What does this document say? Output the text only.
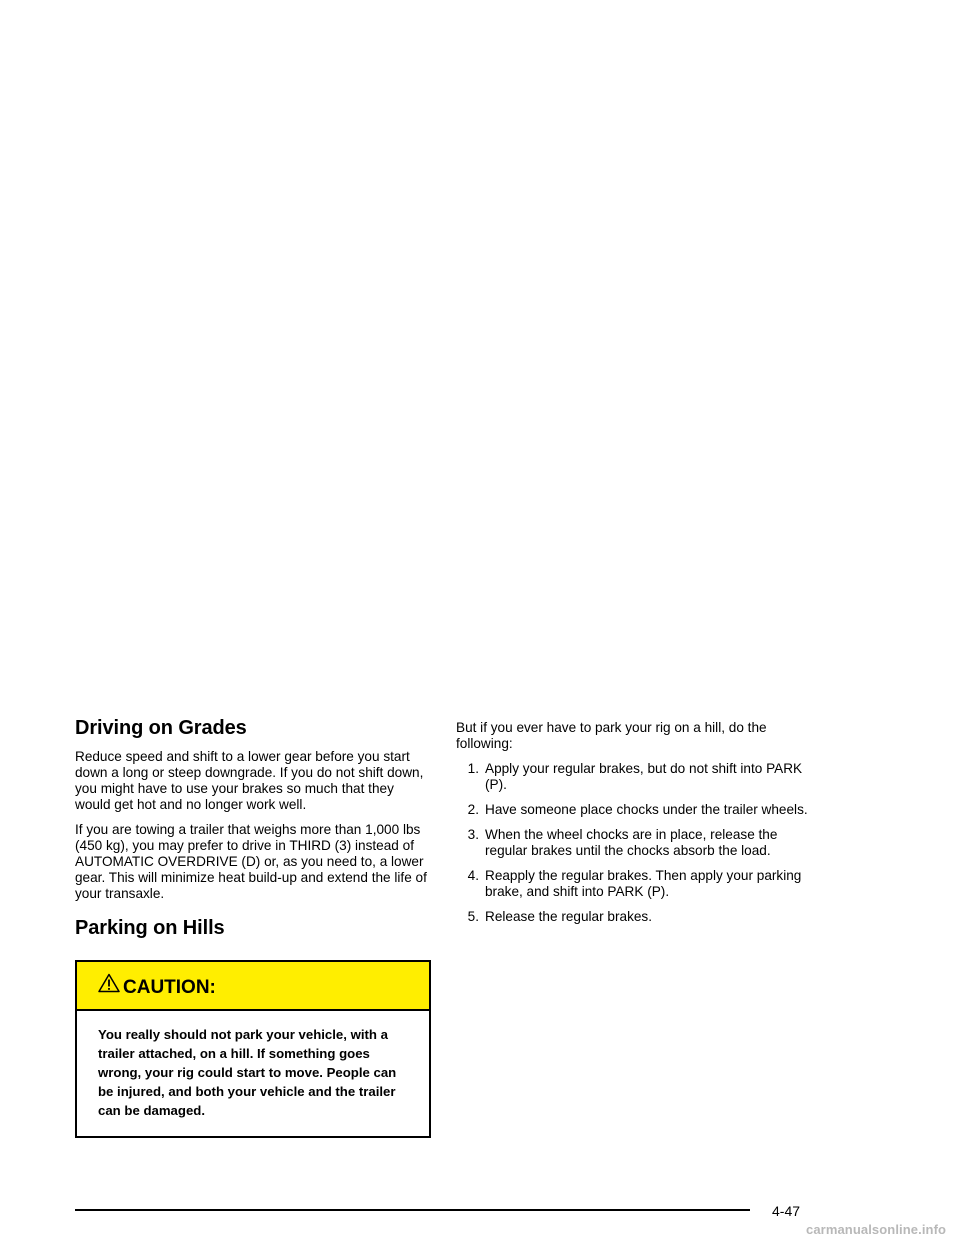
Driving on Grades

Reduce speed and shift to a lower gear before you start down a long or steep downgrade. If you do not shift down, you might have to use your brakes so much that they would get hot and no longer work well.

If you are towing a trailer that weighs more than 1,000 lbs (450 kg), you may prefer to drive in THIRD (3) instead of AUTOMATIC OVERDRIVE (D) or, as you need to, a lower gear. This will minimize heat build-up and extend the life of your transaxle.

Parking on Hills
CAUTION:
You really should not park your vehicle, with a trailer attached, on a hill. If something goes wrong, your rig could start to move. People can be injured, and both your vehicle and the trailer can be damaged.

But if you ever have to park your rig on a hill, do the following:

1. Apply your regular brakes, but do not shift into PARK (P).
2. Have someone place chocks under the trailer wheels.
3. When the wheel chocks are in place, release the regular brakes until the chocks absorb the load.
4. Reapply the regular brakes. Then apply your parking brake, and shift into PARK (P).
5. Release the regular brakes.
4-47
carmanualsonline.info
